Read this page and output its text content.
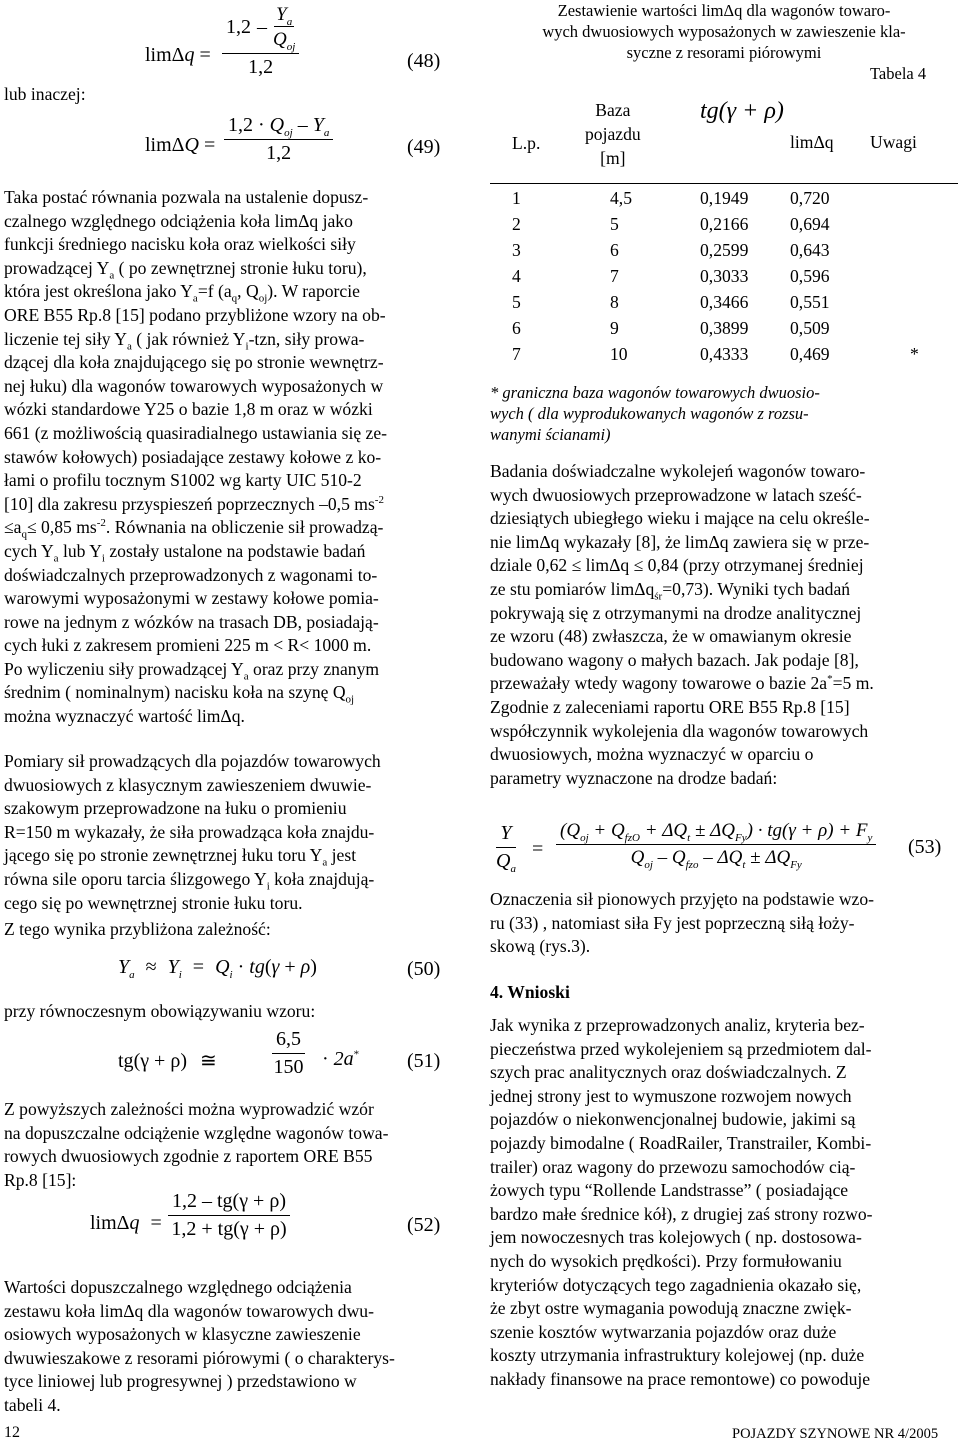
limΔq =
$1,2 - \frac{Y_a}{Q_{oj}}$
1,2	(48)
lub inaczej:
limΔQ =
$1,2 \cdot Q_{oj} - Y_a$
1,2	(49)
Taka postać równania pozwala na ustalenie dopusz-
czalnego względnego odciążenia koła limΔq jako
funkcji średniego nacisku koła oraz wielkości siły
prowadzącej $Y_a$ ( po zewnętrznej stronie łuku toru),
która jest określona jako $Y_a=f$ ($a_q$, $Q_{oj}$). W raporcie
ORE B55 Rp.8 [15] podano przybliżone wzory na ob-
liczenie tej siły $Y_a$ ( jak również $Y_i$-tzn, siły prowa-
dzącej dla koła znajdującego się po stronie wewnętrz-
nej łuku) dla wagonów towarowych wyposażonych w
wózki standardowe Y25 o bazie 1,8 m oraz w wózki
661 (z możliwością quasiradialnego ustawiania się ze-
stawów kołowych) posiadające zestawy kołowe z ko-
łami o profilu tocznym S1002 wg karty UIC 510-2
[10] dla zakresu przyspieszeń poprzecznych –0,5 $ms^{-2}$
$\le a_q\le 0,85$ $ms^{-2}$. Równania na obliczenie sił prowadzą-
cych $Y_a$ lub $Y_i$ zostały ustalone na podstawie badań
doświadczalnych przeprowadzonych z wagonami to-
warowymi wyposażonymi w zestawy kołowe pomia-
rowe na jednym z wózków na trasach DB, posiadają-
cych łuki z zakresem promieni 225 m < R< 1000 m.
Po wyliczeniu siły prowadzącej $Y_a$ oraz przy znanym
średnim ( nominalnym) nacisku koła na szynę $Q_{oj}$
można wyznaczyć wartość limΔq.
Pomiary sił prowadzących dla pojazdów towarowych
dwuosiowych z klasycznym zawieszeniem dwuwie-
szakowym przeprowadzone na łuku o promieniu
R=150 m wykazały, że siła prowadząca koła znajdu-
jącego się po stronie zewnętrznej łuku toru $Y_a$ jest
równa sile oporu tarcia ślizgowego $Y_i$ koła znajdują-
cego się po wewnętrznej stronie łuku toru.
Z tego wynika przybliżona zależność:
$Y_a \approx Y_i = Q_i \cdot tg(\gamma + \rho)$	(50)
przy równoczesnym obowiązywaniu wzoru:
tg(γ + ρ) ≅	$\frac{6,5}{150} \cdot 2a^*$ (51)
Z powyższych zależności można wyprowadzić wzór
na dopuszczalne odciążenie względne wagonów towa-
rowych dwuosiowych zgodnie z raportem ORE B55
Rp.8 [15]:
$\lim\Delta q = \frac{1,2 - tg(\gamma + \rho)}{1,2 + tg(\gamma + \rho)}$	(52)
Wartości dopuszczalnego względnego odciążenia
zestawu koła limΔq dla wagonów towarowych dwu-
osiowych wyposażonych w klasyczne zawieszenie
dwuwieszakowe z resorami piórowymi ( o charakterys-
tyce liniowej lub progresywnej ) przedstawiono w
tabeli 4.
12
Zestawienie wartości limΔq dla wagonów towaro-
wych dwuosiowych wyposażonych w zawieszenie kla-
syczne z resorami piórowymi
Tabela 4
L.p.
Baza
pojazdu
[m]
tg(γ + ρ)
limΔq Uwagi
1	4,5	0,1949 0,720
2	5	0,2166 0,694
3	6	0,2599 0,643
4	7	0,3033 0,596
5	8	0,3466 0,551
6	9	0,3899 0,509
7	10	0,4333 0,469	*
* graniczna baza wagonów towarowych dwuosio-
wych ( dla wyprodukowanych wagonów z rozsu-
wanymi ścianami)
Badania doświadczalne wykolejeń wagonów towaro-
wych dwuosiowych przeprowadzone w latach sześć-
dziesiątych ubiegłego wieku i mające na celu określe-
nie limΔq wykazały [8], że limΔq zawiera się w prze-
dziale 0,62 ≤ limΔq ≤ 0,84 (przy otrzymanej średniej
ze stu pomiarów limΔq$_{śr}$=0,73). Wyniki tych badań
pokrywają się z otrzymanymi na drodze analitycznej
ze wzoru (48) zwłaszcza, że w omawianym okresie
budowano wagony o małych bazach. Jak podaje [8],
przeważały wtedy wagony towarowe o bazie 2a*=5 m.
Zgodnie z zaleceniami raportu ORE B55 Rp.8 [15]
współczynnik wykolejenia dla wagonów towarowych
dwuosiowych, można wyznaczyć w oparciu o
parametry wyznaczone na drodze badań:
$\frac{Y}{Q_a}$ =
$(Q_{oj} + Q_{fzO} + \Delta Q_t \pm \Delta Q_{Fy}) \cdot tg(\gamma + \rho) + F_y$
$Q_{oj} - Q_{fzo} - \Delta Q_t \pm \Delta Q_{Fy}$
(53)
Oznaczenia sił pionowych przyjęto na podstawie wzo-
ru (33) , natomiast siła Fy jest poprzeczną siłą łoży-
skową (rys.3).
4. Wnioski
Jak wynika z przeprowadzonych analiz, kryteria bez-
pieczeństwa przed wykolejeniem są przedmiotem dal-
szych prac analitycznych oraz doświadczalnych. Z
jednej strony jest to wymuszone rozwojem nowych
pojazdów o niekonwencjonalnej budowie, jakimi są
pojazdy bimodalne ( RoadRailer, Transtrailer, Kombi-
trailer) oraz wagony do przewozu samochodów cią-
żowych typu “Rollende Landstrasse” ( posiadające
bardzo małe średnice kół), z drugiej zaś strony rozwo-
jem nowoczesnych tras kolejowych ( np. dostosowa-
nych do wysokich prędkości). Przy formułowaniu
kryteriów dotyczących tego zagadnienia okazało się,
że zbyt ostre wymagania powodują znaczne zwięk-
szenie kosztów wytwarzania pojazdów oraz duże
koszty utrzymania infrastruktury kolejowej (np. duże
nakłady finansowe na prace remontowe) co powoduje
POJAZDY SZYNOWE NR 4/2005
